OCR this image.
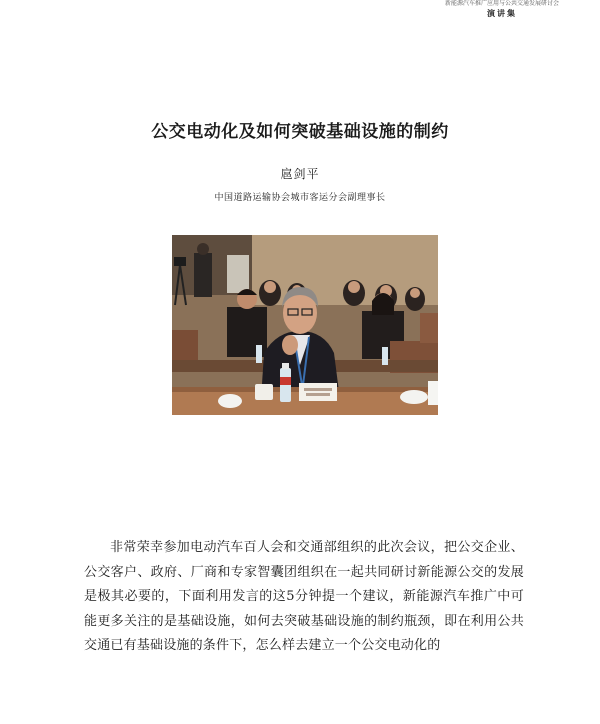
新能源汽车推广应用与公共交通发展研讨会
演讲集
公交电动化及如何突破基础设施的制约
扈剑平
中国道路运输协会城市客运分会副理事长

非常荣幸参加电动汽车百人会和交通部组织的此次会议，把公交企业、公交客户、政府、厂商和专家智囊团组织在一起共同研讨新能源公交的发展是极其必要的，下面利用发言的这5分钟提一个建议，新能源汽车推广中可能更多关注的是基础设施，如何去突破基础设施的制约瓶颈，即在利用公共交通已有基础设施的条件下，怎么样去建立一个公交电动化的
